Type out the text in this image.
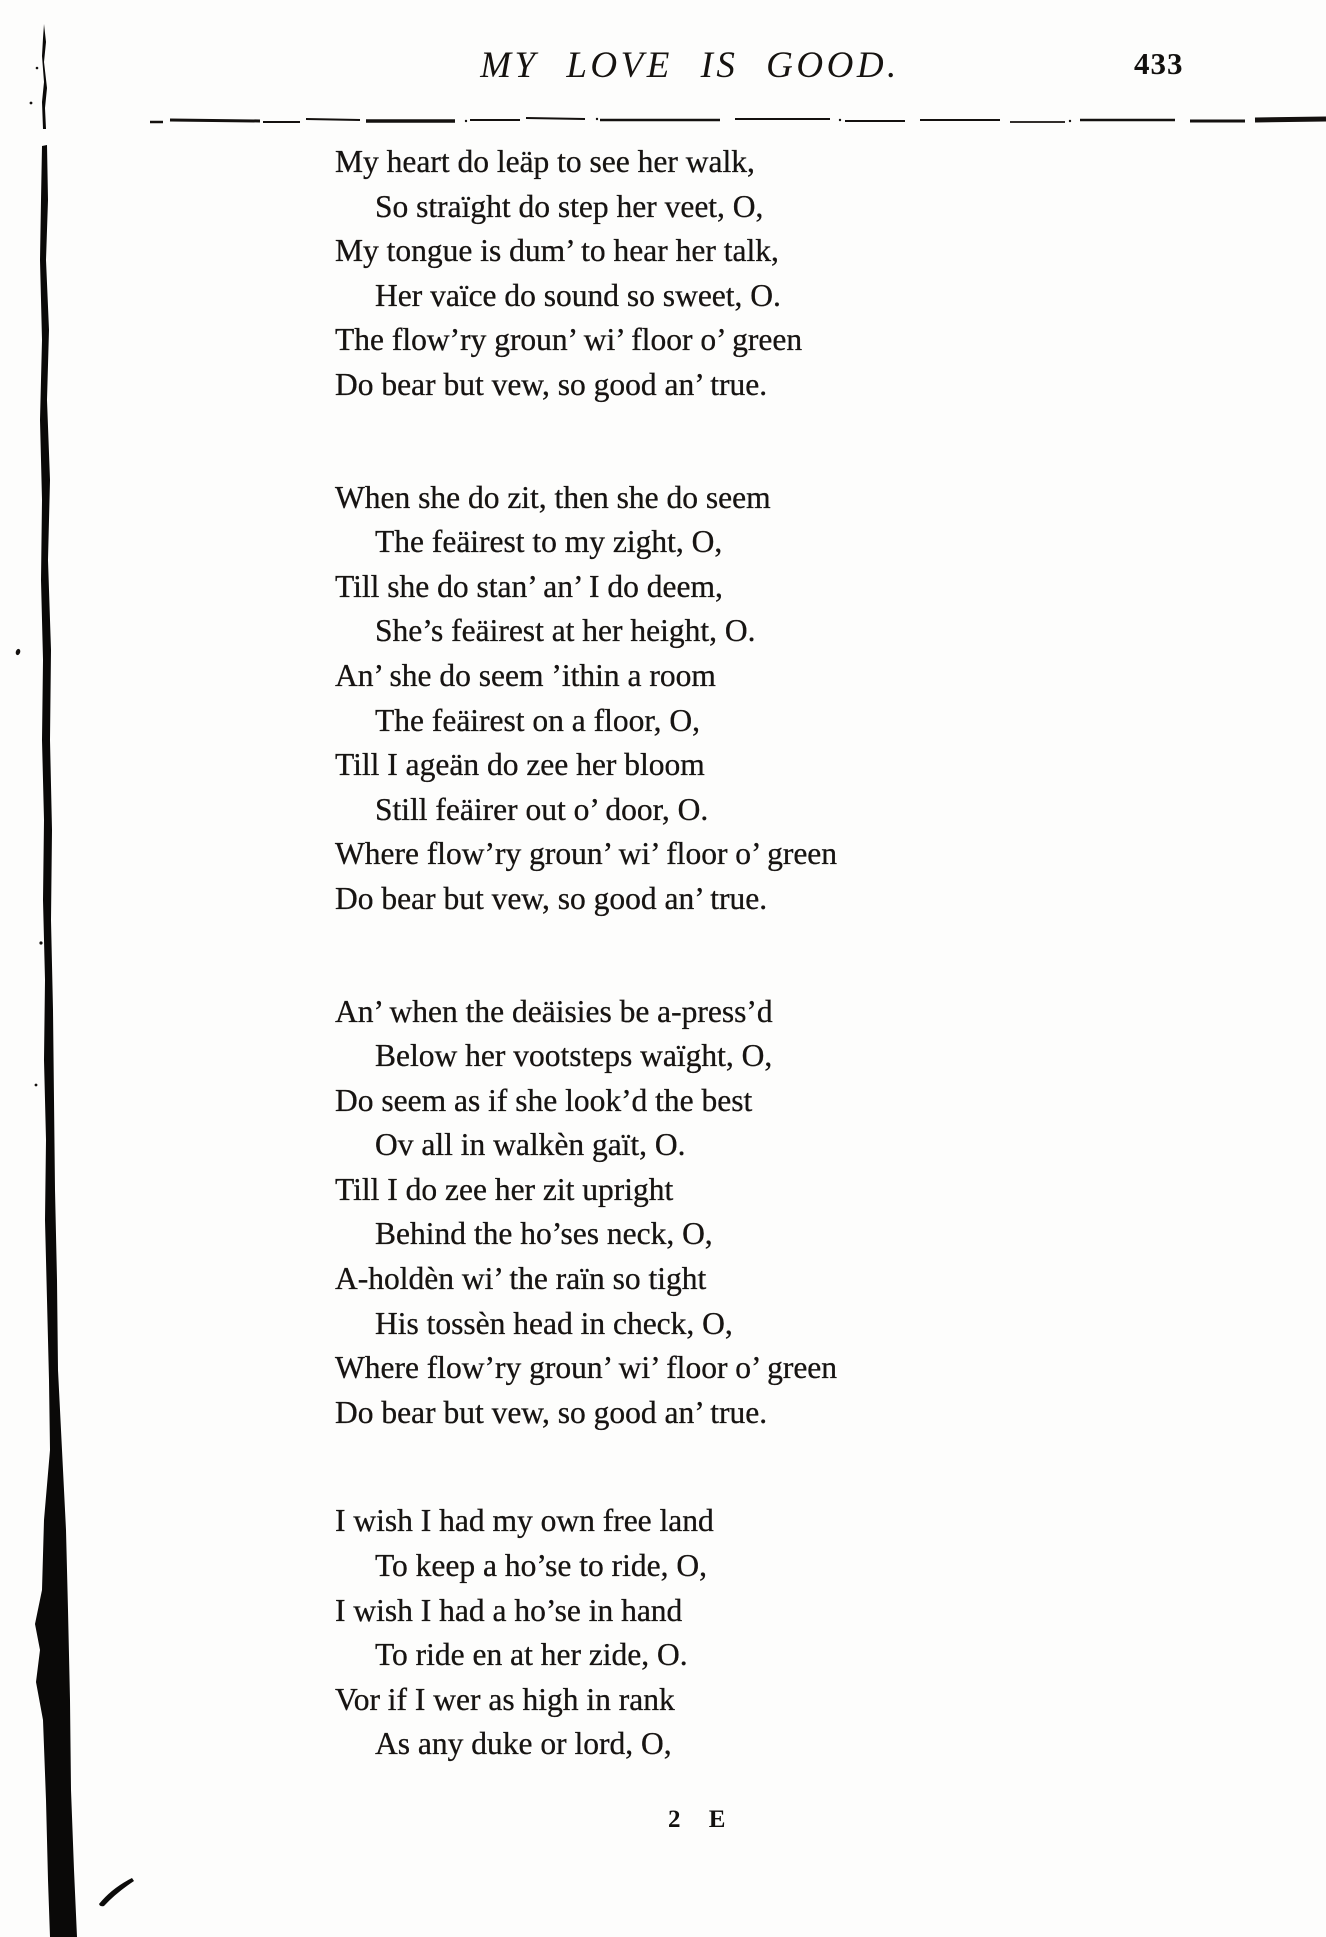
MY LOVE IS GOOD.	433

My heart do leäp to see her walk,

So straïght do step her veet, O,

My tongue is dum’ to hear her talk,

Her vaïce do sound so sweet, O.

The flow’ry groun’ wi’ floor o’ green

Do bear but vew, so good an’ true.

When she do zit, then she do seem

The feäirest to my zight, O,

Till she do stan’ an’ I do deem,

She’s feäirest at her height, O.

An’ she do seem ’ithin a room

The feäirest on a floor, O,

Till I ageän do zee her bloom

Still feäirer out o’ door, O.

Where flow’ry groun’ wi’ floor o’ green

Do bear but vew, so good an’ true.

An’ when the deäisies be a-press’d

Below her vootsteps waïght, O,

Do seem as if she look’d the best

Ov all in walkèn gaït, O.

Till I do zee her zit upright

Behind the ho’ses neck, O,

A-holdèn wi’ the raïn so tight

His tossèn head in check, O,

Where flow’ry groun’ wi’ floor o’ green

Do bear but vew, so good an’ true.

I wish I had my own free land

To keep a ho’se to ride, O,

I wish I had a ho’se in hand

To ride en at her zide, O.

Vor if I wer as high in rank

As any duke or lord, O,

2 E
